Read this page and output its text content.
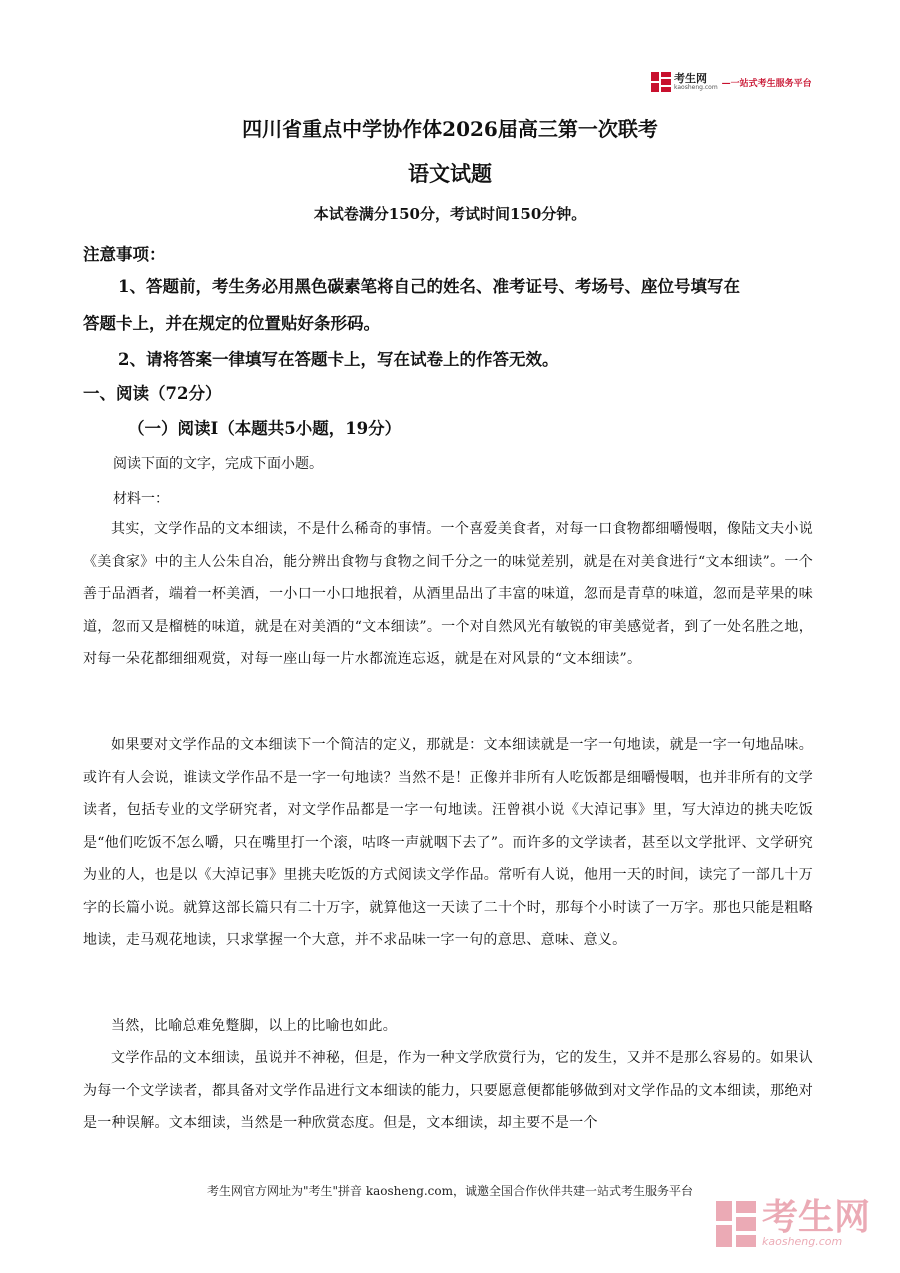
考生网
kaosheng.com —一站式考生服务平台
四川省重点中学协作体2026届高三第一次联考
语文试题

本试卷满分150分，考试时间150分钟。

注意事项：

1、答题前，考生务必用黑色碳素笔将自己的姓名、准考证号、考场号、座位号填写在

答题卡上，并在规定的位置贴好条形码。

2、请将答案一律填写在答题卡上，写在试卷上的作答无效。

一、阅读（72分）

（一）阅读I（本题共5小题，19分）

阅读下面的文字，完成下面小题。

材料一：

其实，文学作品的文本细读，不是什么稀奇的事情。一个喜爱美食者，对每一口食物都细嚼慢咽，像陆文夫小说《美食家》中的主人公朱自冶，能分辨出食物与食物之间千分之一的味觉差别，就是在对美食进行“文本细读”。一个善于品酒者，端着一杯美酒，一小口一小口地抿着，从酒里品出了丰富的味道，忽而是青草的味道，忽而是苹果的味道，忽而又是榴梿的味道，就是在对美酒的“文本细读”。一个对自然风光有敏锐的审美感觉者，到了一处名胜之地，对每一朵花都细细观赏，对每一座山每一片水都流连忘返，就是在对风景的“文本细读”。

如果要对文学作品的文本细读下一个简洁的定义，那就是：文本细读就是一字一句地读，就是一字一句地品味。或许有人会说，谁读文学作品不是一字一句地读？当然不是！正像并非所有人吃饭都是细嚼慢咽，也并非所有的文学读者，包括专业的文学研究者，对文学作品都是一字一句地读。汪曾祺小说《大淖记事》里，写大淖边的挑夫吃饭是“他们吃饭不怎么嚼，只在嘴里打一个滚，咕咚一声就咽下去了”。而许多的文学读者，甚至以文学批评、文学研究为业的人，也是以《大淖记事》里挑夫吃饭的方式阅读文学作品。常听有人说，他用一天的时间，读完了一部几十万字的长篇小说。就算这部长篇只有二十万字，就算他这一天读了二十个时，那每个小时读了一万字。那也只能是粗略地读，走马观花地读，只求掌握一个大意，并不求品味一字一句的意思、意味、意义。

当然，比喻总难免蹩脚，以上的比喻也如此。

文学作品的文本细读，虽说并不神秘，但是，作为一种文学欣赏行为，它的发生，又并不是那么容易的。如果认为每一个文学读者，都具备对文学作品进行文本细读的能力，只要愿意便都能够做到对文学作品的文本细读，那绝对是一种误解。文本细读，当然是一种欣赏态度。但是，文本细读，却主要不是一个

考生网官方网址为"考生"拼音 kaosheng.com，诚邀全国合作伙伴共建一站式考生服务平台

考生网
kaosheng.com
